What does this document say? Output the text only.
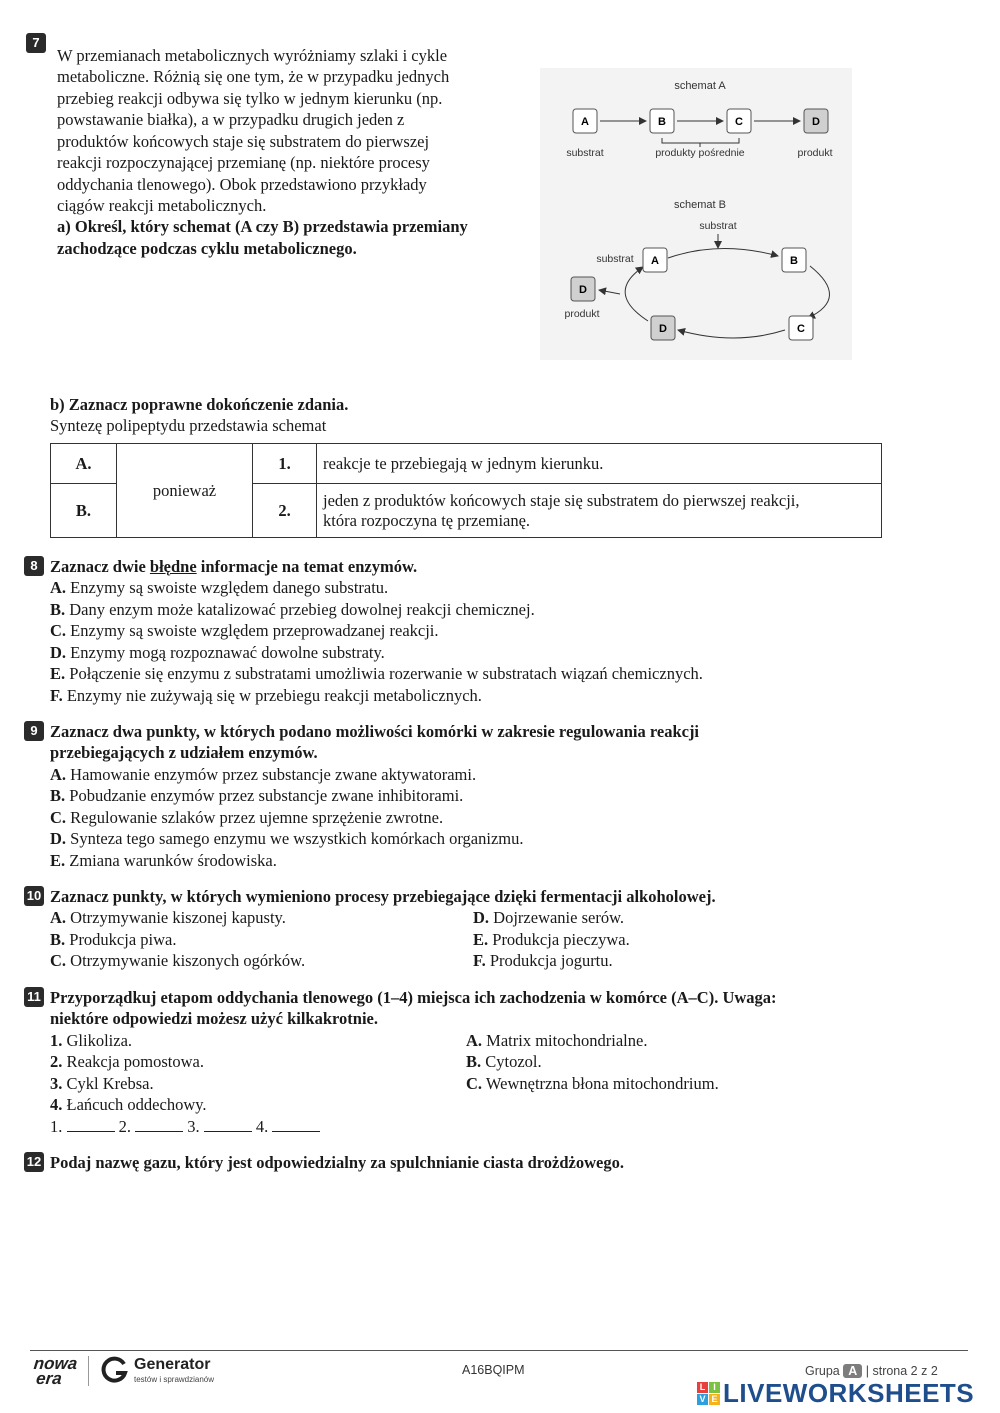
7
W przemianach metabolicznych wyróżniamy szlaki i cykle
metaboliczne. Różnią się one tym, że w przypadku jednych
przebieg reakcji odbywa się tylko w jednym kierunku (np.
powstawanie białka), a w przypadku drugich jeden z
produktów końcowych staje się substratem do pierwszej
reakcji rozpoczynającej przemianę (np. niektóre procesy
oddychania tlenowego). Obok przedstawiono przykłady
ciągów reakcji metabolicznych.
a) Określ, który schemat (A czy B) przedstawia przemiany
zachodzące podczas cyklu metabolicznego.
schemat A
A	B	C	D
substrat	produkty pośrednie	produkt
schemat B
substrat
substrat A	B
C
D
D
produkt
b) Zaznacz poprawne dokończenie zdania.
Syntezę polipeptydu przedstawia schemat
A.	ponieważ	1.	reakcje te przebiegają w jednym kierunku.
B.		2.	jeden z produktów końcowych staje się substratem do pierwszej reakcji,
która rozpoczyna tę przemianę.
8 Zaznacz dwie błędne informacje na temat enzymów.
A. Enzymy są swoiste względem danego substratu.
B. Dany enzym może katalizować przebieg dowolnej reakcji chemicznej.
C. Enzymy są swoiste względem przeprowadzanej reakcji.
D. Enzymy mogą rozpoznawać dowolne substraty.
E. Połączenie się enzymu z substratami umożliwia rozerwanie w substratach wiązań chemicznych.
F. Enzymy nie zużywają się w przebiegu reakcji metabolicznych.
9 Zaznacz dwa punkty, w których podano możliwości komórki w zakresie regulowania reakcji
przebiegających z udziałem enzymów.
A. Hamowanie enzymów przez substancje zwane aktywatorami.
B. Pobudzanie enzymów przez substancje zwane inhibitorami.
C. Regulowanie szlaków przez ujemne sprzężenie zwrotne.
D. Synteza tego samego enzymu we wszystkich komórkach organizmu.
E. Zmiana warunków środowiska.
10 Zaznacz punkty, w których wymieniono procesy przebiegające dzięki fermentacji alkoholowej.
A. Otrzymywanie kiszonej kapusty.
B. Produkcja piwa.
C. Otrzymywanie kiszonych ogórków.
D. Dojrzewanie serów.
E. Produkcja pieczywa.
F. Produkcja jogurtu.
11 Przyporządkuj etapom oddychania tlenowego (1–4) miejsca ich zachodzenia w komórce (A–C). Uwaga:
niektóre odpowiedzi możesz użyć kilkakrotnie.
1. Glikoliza.
2. Reakcja pomostowa.
3. Cykl Krebsa.
4. Łańcuch oddechowy.
A. Matrix mitochondrialne.
B. Cytozol.
C. Wewnętrzna błona mitochondrium.
1.	2.	3.	4.
12 Podaj nazwę gazu, który jest odpowiedzialny za spulchnianie ciasta drożdżowego.
nowa
era
Generator
testów i sprawdzianów
A16BQIPM	Grupa A | strona 2 z 2
L I
V E LIVEWORKSHEETS
